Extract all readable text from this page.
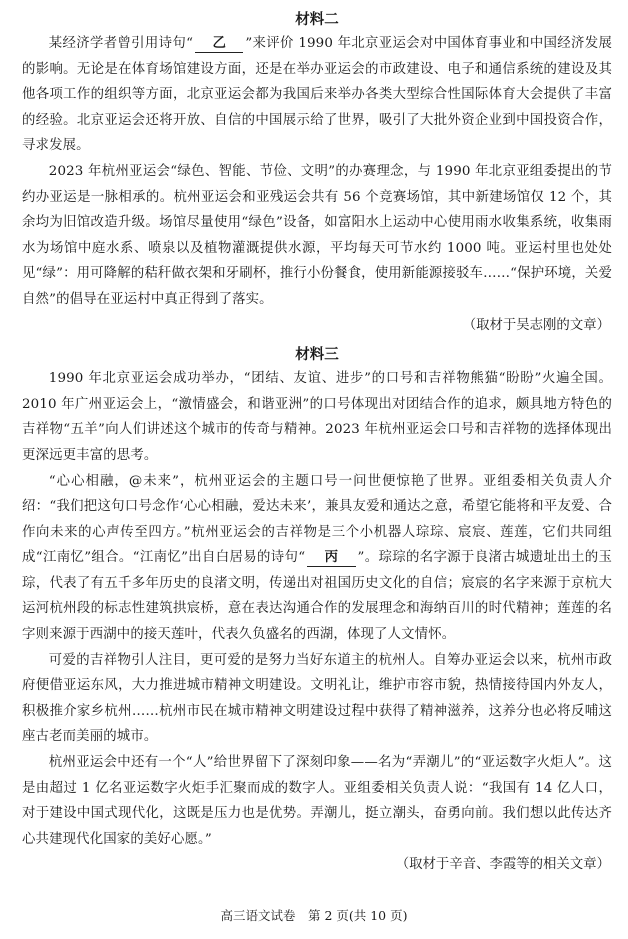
材料二

某经济学者曾引用诗句“ 乙 ”来评价 1990 年北京亚运会对中国体育事业和中国经济发展的影响。无论是在体育场馆建设方面，还是在举办亚运会的市政建设、电子和通信系统的建设及其他各项工作的组织等方面，北京亚运会都为我国后来举办各类大型综合性国际体育大会提供了丰富的经验。北京亚运会还将开放、自信的中国展示给了世界，吸引了大批外资企业到中国投资合作，寻求发展。

2023 年杭州亚运会“绿色、智能、节俭、文明”的办赛理念，与 1990 年北京亚组委提出的节约办亚运是一脉相承的。杭州亚运会和亚残运会共有 56 个竞赛场馆，其中新建场馆仅 12 个，其余均为旧馆改造升级。场馆尽量使用“绿色”设备，如富阳水上运动中心使用雨水收集系统，收集雨水为场馆中庭水系、喷泉以及植物灌溉提供水源，平均每天可节水约 1000 吨。亚运村里也处处见“绿”：用可降解的秸秆做衣架和牙刷杯，推行小份餐食，使用新能源接驳车……“保护环境，关爱自然”的倡导在亚运村中真正得到了落实。

（取材于吴志刚的文章）
材料三

1990 年北京亚运会成功举办，“团结、友谊、进步”的口号和吉祥物熊猫“盼盼”火遍全国。2010 年广州亚运会上，“激情盛会，和谐亚洲”的口号体现出对团结合作的追求，颇具地方特色的吉祥物“五羊”向人们讲述这个城市的传奇与精神。2023 年杭州亚运会口号和吉祥物的选择体现出更深远更丰富的思考。

“心心相融，@未来”，杭州亚运会的主题口号一问世便惊艳了世界。亚组委相关负责人介绍：“我们把这句口号念作‘心心相融，爱达未来’，兼具友爱和通达之意，希望它能将和平友爱、合作向未来的心声传至四方。”杭州亚运会的吉祥物是三个小机器人琮琮、宸宸、莲莲，它们共同组成“江南忆”组合。“江南忆”出自白居易的诗句“ 丙 ”。琮琮的名字源于良渚古城遗址出土的玉琮，代表了有五千多年历史的良渚文明，传递出对祖国历史文化的自信；宸宸的名字来源于京杭大运河杭州段的标志性建筑拱宸桥，意在表达沟通合作的发展理念和海纳百川的时代精神；莲莲的名字则来源于西湖中的接天莲叶，代表久负盛名的西湖，体现了人文情怀。

可爱的吉祥物引人注目，更可爱的是努力当好东道主的杭州人。自筹办亚运会以来，杭州市政府便借亚运东风，大力推进城市精神文明建设。文明礼让，维护市容市貌，热情接待国内外友人，积极推介家乡杭州……杭州市民在城市精神文明建设过程中获得了精神滋养，这养分也必将反哺这座古老而美丽的城市。

杭州亚运会中还有一个“人”给世界留下了深刻印象——名为“弄潮儿”的“亚运数字火炬人”。这是由超过 1 亿名亚运数字火炬手汇聚而成的数字人。亚组委相关负责人说：“我国有 14 亿人口，对于建设中国式现代化，这既是压力也是优势。弄潮儿，挺立潮头，奋勇向前。我们想以此传达齐心共建现代化国家的美好心愿。”

（取材于辛音、李霞等的相关文章）
高三语文试卷　第 2 页(共 10 页)
